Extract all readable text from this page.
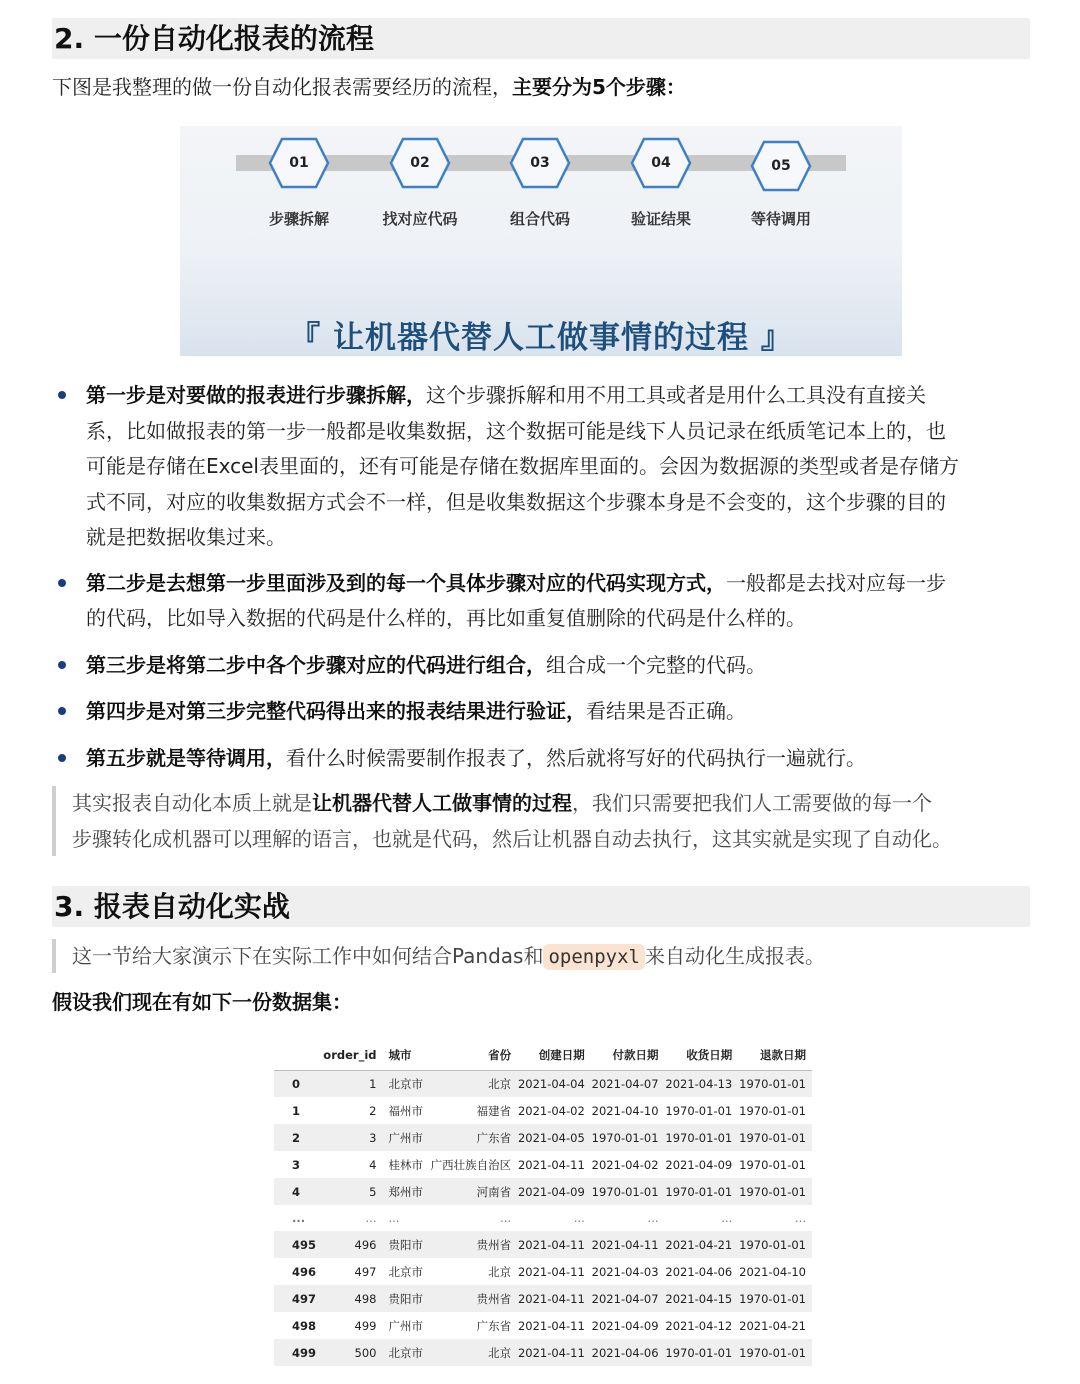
2. 一份自动化报表的流程
下图是我整理的做一份自动化报表需要经历的流程，主要分为5个步骤：
01
步骤拆解
02
找对应代码
03
组合代码
04
验证结果
05
等待调用
『 让机器代替人工做事情的过程 』
第一步是对要做的报表进行步骤拆解，这个步骤拆解和用不用工具或者是用什么工具没有直接关
系，比如做报表的第一步一般都是收集数据，这个数据可能是线下人员记录在纸质笔记本上的，也
可能是存储在Excel表里面的，还有可能是存储在数据库里面的。会因为数据源的类型或者是存储方
式不同，对应的收集数据方式会不一样，但是收集数据这个步骤本身是不会变的，这个步骤的目的
就是把数据收集过来。
第二步是去想第一步里面涉及到的每一个具体步骤对应的代码实现方式，一般都是去找对应每一步
的代码，比如导入数据的代码是什么样的，再比如重复值删除的代码是什么样的。
第三步是将第二步中各个步骤对应的代码进行组合，组合成一个完整的代码。
第四步是对第三步完整代码得出来的报表结果进行验证，看结果是否正确。
第五步就是等待调用，看什么时候需要制作报表了，然后就将写好的代码执行一遍就行。
其实报表自动化本质上就是让机器代替人工做事情的过程，我们只需要把我们人工需要做的每一个
步骤转化成机器可以理解的语言，也就是代码，然后让机器自动去执行，这其实就是实现了自动化。
3. 报表自动化实战
这一节给大家演示下在实际工作中如何结合Pandas和 openpyxl 来自动化生成报表。
假设我们现在有如下一份数据集：
	order_id	城市	省份	创建日期	付款日期	收货日期	退款日期
0	1	北京市	北京	2021-04-04	2021-04-07	2021-04-13	1970-01-01
1	2	福州市	福建省	2021-04-02	2021-04-10	1970-01-01	1970-01-01
2	3	广州市	广东省	2021-04-05	1970-01-01	1970-01-01	1970-01-01
3	4	桂林市	广西壮族自治区	2021-04-11	2021-04-02	2021-04-09	1970-01-01
4	5	郑州市	河南省	2021-04-09	1970-01-01	1970-01-01	1970-01-01
...	...	...	...	...	...	...	...
495	496	贵阳市	贵州省	2021-04-11	2021-04-11	2021-04-21	1970-01-01
496	497	北京市	北京	2021-04-11	2021-04-03	2021-04-06	2021-04-10
497	498	贵阳市	贵州省	2021-04-11	2021-04-07	2021-04-15	1970-01-01
498	499	广州市	广东省	2021-04-11	2021-04-09	2021-04-12	2021-04-21
499	500	北京市	北京	2021-04-11	2021-04-06	1970-01-01	1970-01-01
